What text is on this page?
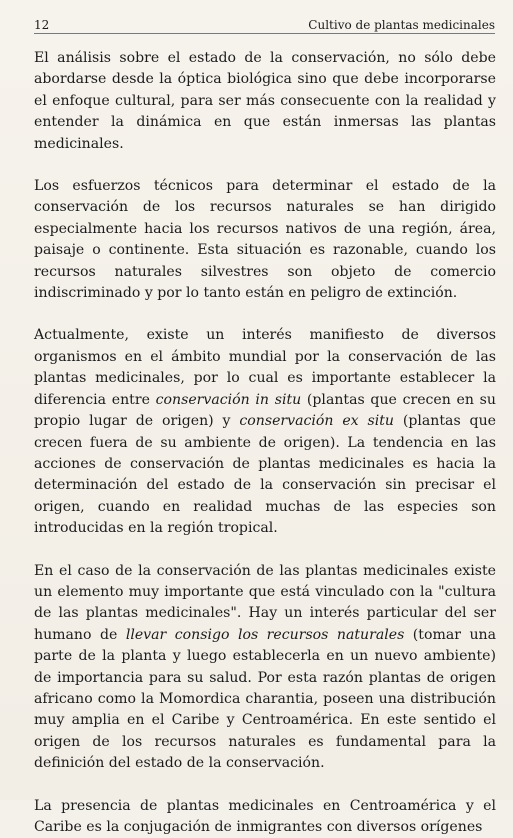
12	Cultivo de plantas medicinales

El análisis sobre el estado de la conservación, no sólo debe abordarse desde la óptica biológica sino que debe incorporarse el enfoque cultural, para ser más consecuente con la realidad y entender la dinámica en que están inmersas las plantas medicinales.

Los esfuerzos técnicos para determinar el estado de la conservación de los recursos naturales se han dirigido especialmente hacia los recursos nativos de una región, área, paisaje o continente. Esta situación es razonable, cuando los recursos naturales silvestres son objeto de comercio indiscriminado y por lo tanto están en peligro de extinción.

Actualmente, existe un interés manifiesto de diversos organismos en el ámbito mundial por la conservación de las plantas medicinales, por lo cual es importante establecer la diferencia entre conservación in situ (plantas que crecen en su propio lugar de origen) y conservación ex situ (plantas que crecen fuera de su ambiente de origen). La tendencia en las acciones de conservación de plantas medicinales es hacia la determinación del estado de la conservación sin precisar el origen, cuando en realidad muchas de las especies son introducidas en la región tropical.

En el caso de la conservación de las plantas medicinales existe un elemento muy importante que está vinculado con la "cultura de las plantas medicinales". Hay un interés particular del ser humano de llevar consigo los recursos naturales (tomar una parte de la planta y luego establecerla en un nuevo ambiente) de importancia para su salud. Por esta razón plantas de origen africano como la Momordica charantia, poseen una distribución muy amplia en el Caribe y Centroamérica. En este sentido el origen de los recursos naturales es fundamental para la definición del estado de la conservación.

La presencia de plantas medicinales en Centroamérica y el Caribe es la conjugación de inmigrantes con diversos orígenes
